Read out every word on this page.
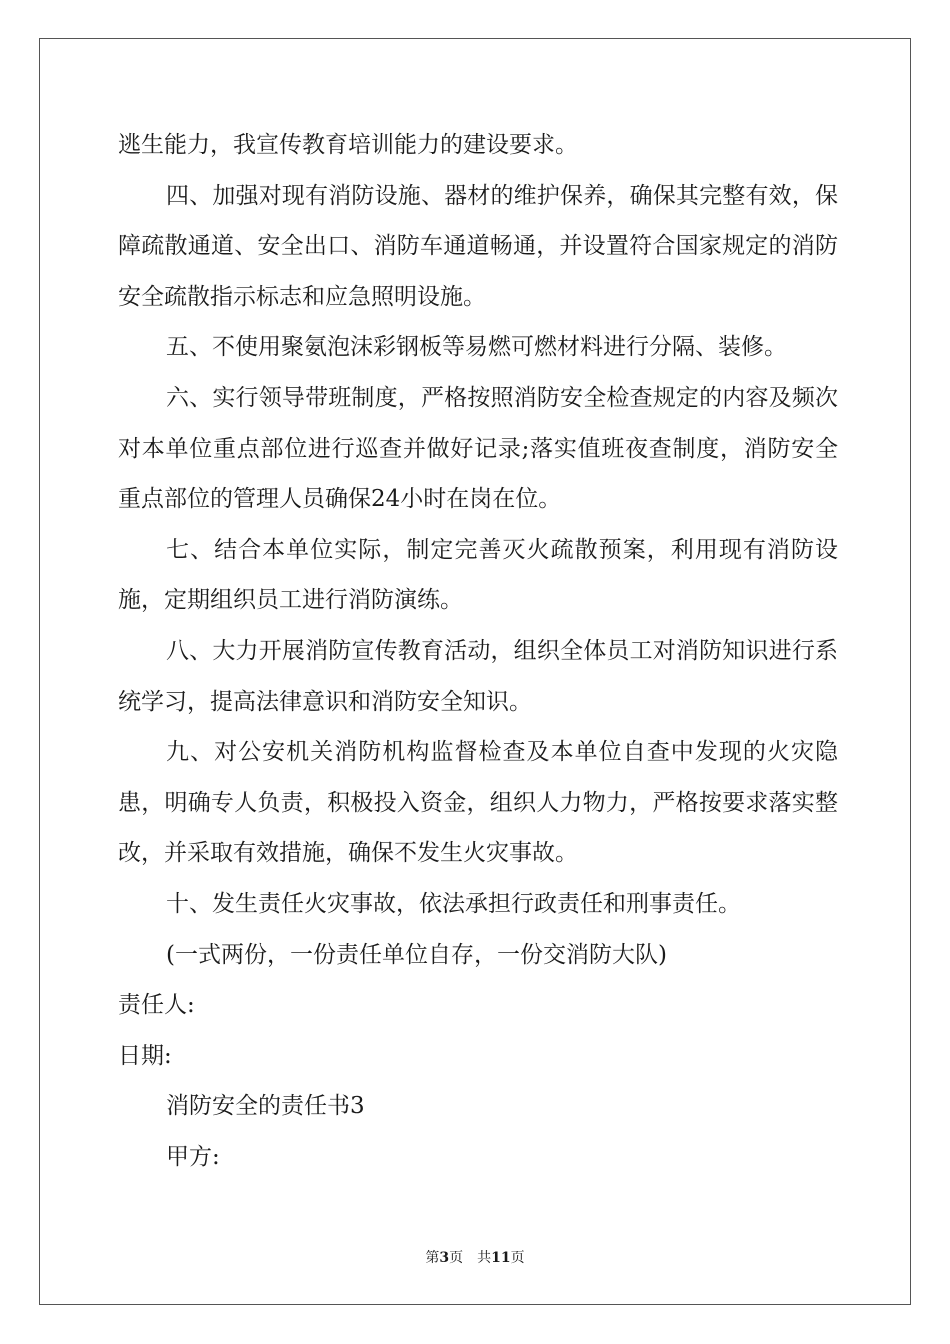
逃生能力，我宣传教育培训能力的建设要求。

四、加强对现有消防设施、器材的维护保养，确保其完整有效，保障疏散通道、安全出口、消防车通道畅通，并设置符合国家规定的消防安全疏散指示标志和应急照明设施。

五、不使用聚氨泡沫彩钢板等易燃可燃材料进行分隔、装修。

六、实行领导带班制度，严格按照消防安全检查规定的内容及频次对本单位重点部位进行巡查并做好记录;落实值班夜查制度，消防安全重点部位的管理人员确保24小时在岗在位。

七、结合本单位实际，制定完善灭火疏散预案，利用现有消防设施，定期组织员工进行消防演练。

八、大力开展消防宣传教育活动，组织全体员工对消防知识进行系统学习，提高法律意识和消防安全知识。

九、对公安机关消防机构监督检查及本单位自查中发现的火灾隐患，明确专人负责，积极投入资金，组织人力物力，严格按要求落实整改，并采取有效措施，确保不发生火灾事故。

十、发生责任火灾事故，依法承担行政责任和刑事责任。

(一式两份，一份责任单位自存，一份交消防大队)

责任人:

日期:

消防安全的责任书3

甲方:

第3页　共11页
